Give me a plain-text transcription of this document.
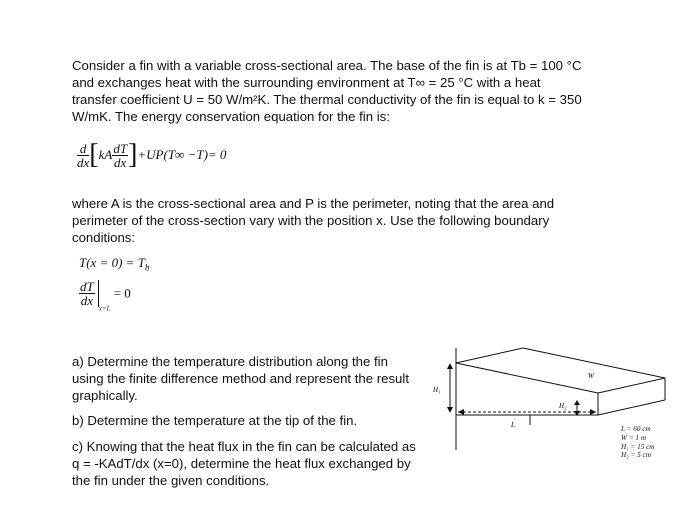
Consider a fin with a variable cross-sectional area. The base of the fin is at Tb = 100 °C

and exchanges heat with the surrounding environment at T∞ = 25 °C with a heat

transfer coefficient U = 50 W/m²K. The thermal conductivity of the fin is equal to k = 350

W/mK. The energy conservation equation for the fin is:

$\frac{d}{dx} [kA \frac{dT}{dx} ]+UP(T\infty -T)= 0$

where A is the cross-sectional area and P is the perimeter, noting that the area and

perimeter of the cross-section vary with the position x. Use the following boundary

conditions:

$T(x = 0) = T_b$
$\frac{dT}{dx}$
$_{x=L}$ = 0

a) Determine the temperature distribution along the fin

using the finite difference method and represent the result

graphically.

b) Determine the temperature at the tip of the fin.

c) Knowing that the heat flux in the fin can be calculated as

q = -KAdT/dx (x=0), determine the heat flux exchanged by

the fin under the given conditions.

W
H₁
H₂
L	L = 60 cm
W = 1 m
H₁ = 15 cm
H₂ = 5 cm
